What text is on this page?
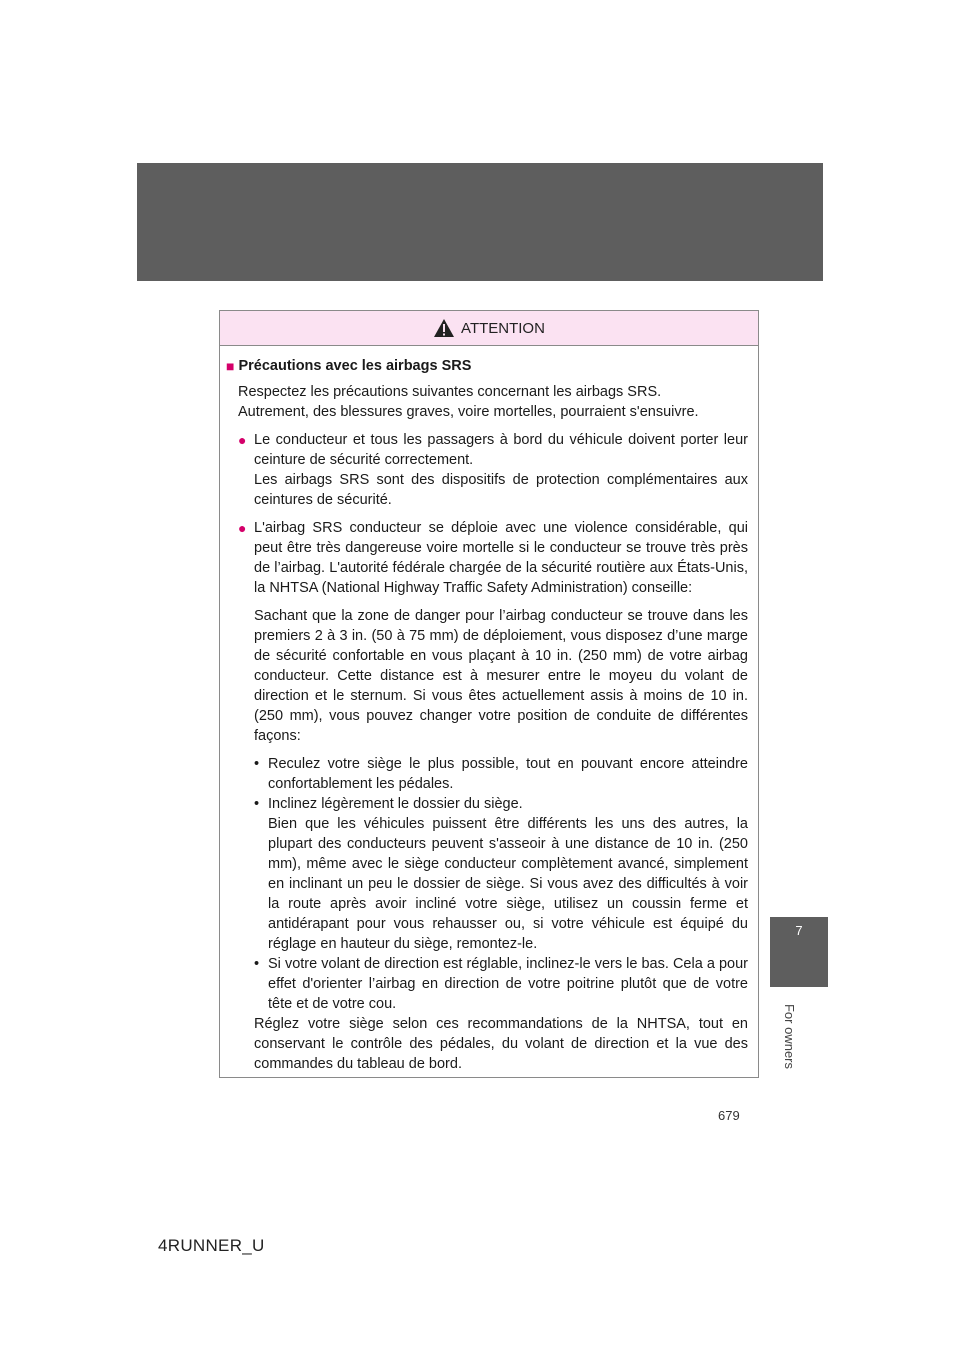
7
For owners
ATTENTION
■ Précautions avec les airbags SRS
Respectez les précautions suivantes concernant les airbags SRS.
Autrement, des blessures graves, voire mortelles, pourraient s'ensuivre.
● Le conducteur et tous les passagers à bord du véhicule doivent porter leur ceinture de sécurité correctement.
Les airbags SRS sont des dispositifs de protection complémentaires aux ceintures de sécurité.
● L'airbag SRS conducteur se déploie avec une violence considérable, qui peut être très dangereuse voire mortelle si le conducteur se trouve très près de l’airbag. L'autorité fédérale chargée de la sécurité routière aux États-Unis, la NHTSA (National Highway Traffic Safety Administration) conseille:
Sachant que la zone de danger pour l’airbag conducteur se trouve dans les premiers 2 à 3 in. (50 à 75 mm) de déploiement, vous disposez d’une marge de sécurité confortable en vous plaçant à 10 in. (250 mm) de votre airbag conducteur. Cette distance est à mesurer entre le moyeu du volant de direction et le sternum. Si vous êtes actuellement assis à moins de 10 in. (250 mm), vous pouvez changer votre position de conduite de différentes façons:
• Reculez votre siège le plus possible, tout en pouvant encore atteindre confortablement les pédales.
• Inclinez légèrement le dossier du siège.
Bien que les véhicules puissent être différents les uns des autres, la plupart des conducteurs peuvent s'asseoir à une distance de 10 in. (250 mm), même avec le siège conducteur complètement avancé, simplement en inclinant un peu le dossier de siège. Si vous avez des difficultés à voir la route après avoir incliné votre siège, utilisez un coussin ferme et antidérapant pour vous rehausser ou, si votre véhicule est équipé du réglage en hauteur du siège, remontez-le.
• Si votre volant de direction est réglable, inclinez-le vers le bas. Cela a pour effet d'orienter l’airbag en direction de votre poitrine plutôt que de votre tête et de votre cou.
Réglez votre siège selon ces recommandations de la NHTSA, tout en conservant le contrôle des pédales, du volant de direction et la vue des commandes du tableau de bord.
679
4RUNNER_U
